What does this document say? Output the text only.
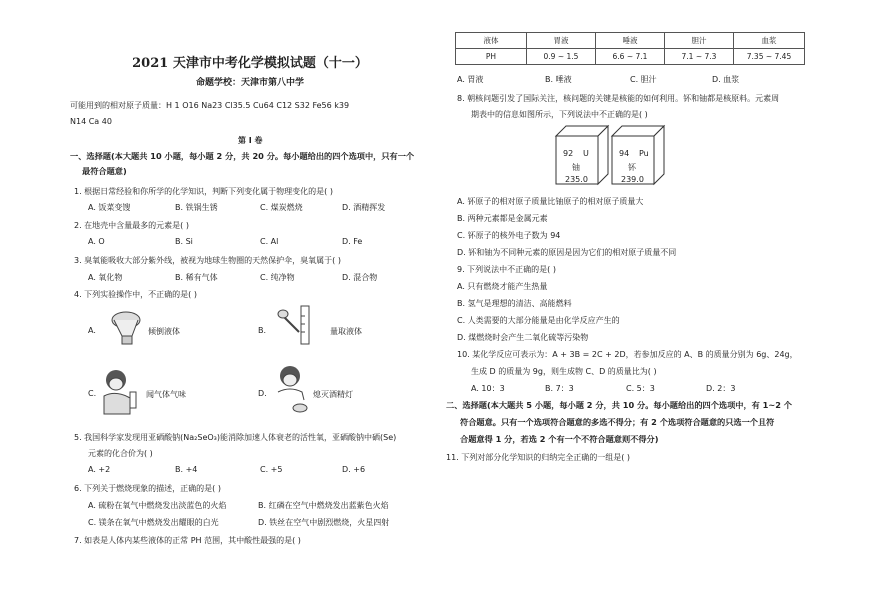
2021 天津市中考化学模拟试题（十一）
命题学校：天津市第八中学
可能用到的相对原子质量：H 1 O16 Na23 Cl35.5 Cu64 C12 S32 Fe56 k39
N14 Ca 40
第 I 卷
一、选择题(本大题共 10 小题，每小题 2 分，共 20 分。每小题给出的四个选项中，只有一个
最符合题意)
1. 根据日常经验和你所学的化学知识，判断下列变化属于物理变化的是( )
A. 饭菜变馊	B. 铁锅生锈	C. 煤炭燃烧	D. 酒精挥发
2. 在地壳中含量最多的元素是( )
A. O	B. Si	C. Al	D. Fe
3. 臭氧能吸收大部分紫外线，被视为地球生物圈的天然保护伞，臭氧属于( )
A. 氧化物	B. 稀有气体	C. 纯净物	D. 混合物
4. 下列实验操作中，不正确的是( )
A.	倾倒液体	B.	量取液体
C.	闻气体气味	D.	熄灭酒精灯
5. 我国科学家发现用亚硒酸钠(Na₂SeO₃)能消除加速人体衰老的活性氧，亚硒酸钠中硒(Se)
元素的化合价为( )
A. +2	B. +4	C. +5	D. +6
6. 下列关于燃烧现象的描述，正确的是( )
A. 硫粉在氧气中燃烧发出淡蓝色的火焰	B. 红磷在空气中燃烧发出蓝紫色火焰
C. 镁条在氧气中燃烧发出耀眼的白光	D. 铁丝在空气中剧烈燃烧，火星四射
7. 如表是人体内某些液体的正常 PH 范围，其中酸性最强的是( )
液体	胃液	唾液	胆汁	血浆
PH	0.9 ~ 1.5	6.6 ~ 7.1	7.1 ~ 7.3	7.35 ~ 7.45
A. 胃液	B. 唾液	C. 胆汁	D. 血浆
8. 朝核问题引发了国际关注，核问题的关键是核能的如何利用。钚和铀都是核原料。元素周
期表中的信息如图所示，下列说法中不正确的是( )
92 U
铀
235.0
94 Pu
钚
239.0
A. 钚原子的相对原子质量比铀原子的相对原子质量大
B. 两种元素都是金属元素
C. 钚原子的核外电子数为 94
D. 钚和铀为不同种元素的原因是因为它们的相对原子质量不同
9. 下列说法中不正确的是( )
A. 只有燃烧才能产生热量
B. 氢气是理想的清洁、高能燃料
C. 人类需要的大部分能量是由化学反应产生的
D. 煤燃烧时会产生二氧化硫等污染物
10. 某化学反应可表示为：A + 3B = 2C + 2D，若参加反应的 A、B 的质量分别为 6g、24g，
生成 D 的质量为 9g，则生成物 C、D 的质量比为( )
A. 10：3	B. 7：3	C. 5：3	D. 2：3
二、选择题(本大题共 5 小题，每小题 2 分，共 10 分。每小题给出的四个选项中，有 1~2 个
符合题意。只有一个选项符合题意的多选不得分；有 2 个选项符合题意的只选一个且符
合题意得 1 分，若选 2 个有一个不符合题意则不得分)
11. 下列对部分化学知识的归纳完全正确的一组是( )
